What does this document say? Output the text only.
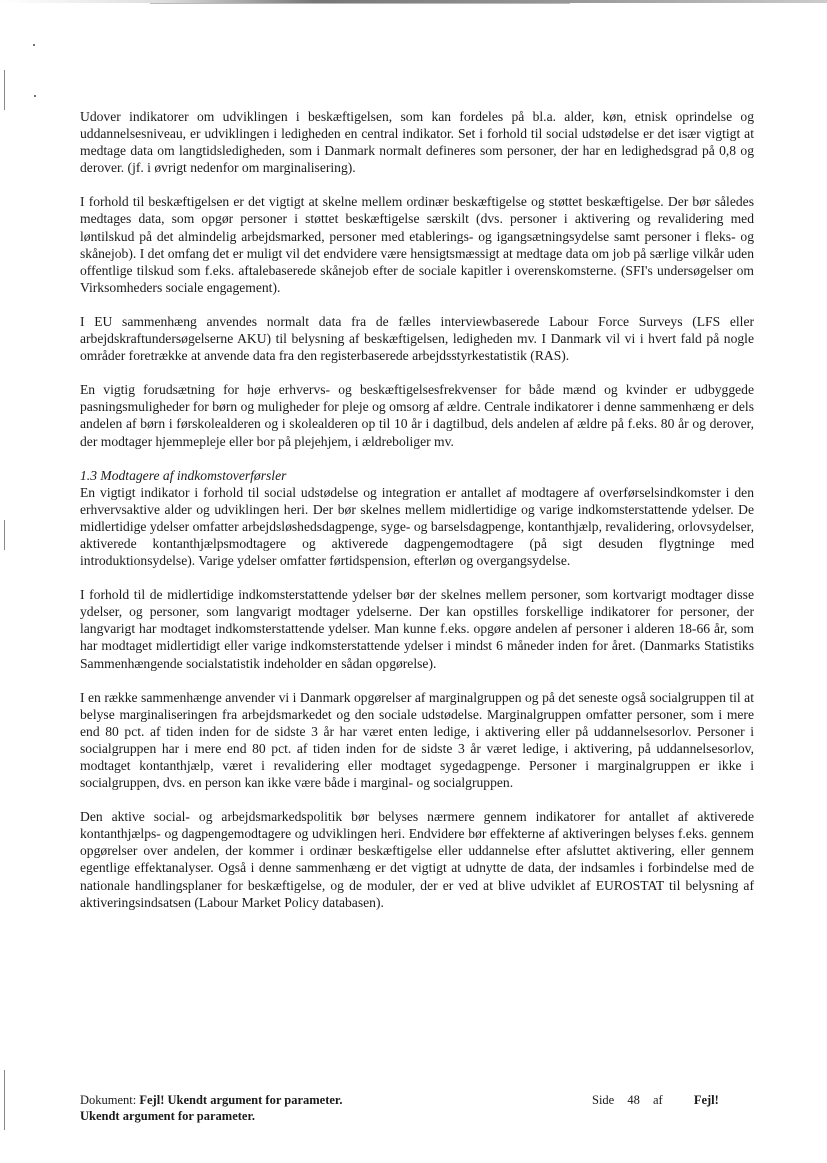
Udover indikatorer om udviklingen i beskæftigelsen, som kan fordeles på bl.a. alder, køn, etnisk oprindelse og uddannelsesniveau, er udviklingen i ledigheden en central indikator. Set i forhold til social udstødelse er det især vigtigt at medtage data om langtidsledigheden, som i Danmark normalt defineres som personer, der har en ledighedsgrad på 0,8 og derover. (jf. i øvrigt nedenfor om marginalisering).

I forhold til beskæftigelsen er det vigtigt at skelne mellem ordinær beskæftigelse og støttet beskæftigelse. Der bør således medtages data, som opgør personer i støttet beskæftigelse særskilt (dvs. personer i aktivering og revalidering med løntilskud på det almindelig arbejdsmarked, personer med etablerings- og igangsætningsydelse samt personer i fleks- og skånejob). I det omfang det er muligt vil det endvidere være hensigtsmæssigt at medtage data om job på særlige vilkår uden offentlige tilskud som f.eks. aftalebaserede skånejob efter de sociale kapitler i overenskomsterne. (SFI's undersøgelser om Virksomheders sociale engagement).

I EU sammenhæng anvendes normalt data fra de fælles interviewbaserede Labour Force Surveys (LFS eller arbejdskraftundersøgelserne AKU) til belysning af beskæftigelsen, ledigheden mv. I Danmark vil vi i hvert fald på nogle områder foretrække at anvende data fra den registerbaserede arbejdsstyrkestatistik (RAS).

En vigtig forudsætning for høje erhvervs- og beskæftigelsesfrekvenser for både mænd og kvinder er udbyggede pasningsmuligheder for børn og muligheder for pleje og omsorg af ældre. Centrale indikatorer i denne sammenhæng er dels andelen af børn i førskolealderen og i skolealderen op til 10 år i dagtilbud, dels andelen af ældre på f.eks. 80 år og derover, der modtager hjemmepleje eller bor på plejehjem, i ældreboliger mv.

1.3 Modtagere af indkomstoverførsler

En vigtigt indikator i forhold til social udstødelse og integration er antallet af modtagere af overførselsindkomster i den erhvervsaktive alder og udviklingen heri. Der bør skelnes mellem midlertidige og varige indkomsterstattende ydelser. De midlertidige ydelser omfatter arbejdsløshedsdagpenge, syge- og barselsdagpenge, kontanthjælp, revalidering, orlovsydelser, aktiverede kontanthjælpsmodtagere og aktiverede dagpengemodtagere (på sigt desuden flygtninge med introduktionsydelse). Varige ydelser omfatter førtidspension, efterløn og overgangsydelse.

I forhold til de midlertidige indkomsterstattende ydelser bør der skelnes mellem personer, som kortvarigt modtager disse ydelser, og personer, som langvarigt modtager ydelserne. Der kan opstilles forskellige indikatorer for personer, der langvarigt har modtaget indkomsterstattende ydelser. Man kunne f.eks. opgøre andelen af personer i alderen 18-66 år, som har modtaget midlertidigt eller varige indkomsterstattende ydelser i mindst 6 måneder inden for året. (Danmarks Statistiks Sammenhængende socialstatistik indeholder en sådan opgørelse).

I en række sammenhænge anvender vi i Danmark opgørelser af marginalgruppen og på det seneste også socialgruppen til at belyse marginaliseringen fra arbejdsmarkedet og den sociale udstødelse. Marginalgruppen omfatter personer, som i mere end 80 pct. af tiden inden for de sidste 3 år har været enten ledige, i aktivering eller på uddannelsesorlov. Personer i socialgruppen har i mere end 80 pct. af tiden inden for de sidste 3 år været ledige, i aktivering, på uddannelsesorlov, modtaget kontanthjælp, været i revalidering eller modtaget sygedagpenge. Personer i marginalgruppen er ikke i socialgruppen, dvs. en person kan ikke være både i marginal- og socialgruppen.

Den aktive social- og arbejdsmarkedspolitik bør belyses nærmere gennem indikatorer for antallet af aktiverede kontanthjælps- og dagpengemodtagere og udviklingen heri. Endvidere bør effekterne af aktiveringen belyses f.eks. gennem opgørelser over andelen, der kommer i ordinær beskæftigelse eller uddannelse efter afsluttet aktivering, eller gennem egentlige effektanalyser. Også i denne sammenhæng er det vigtigt at udnytte de data, der indsamles i forbindelse med de nationale handlingsplaner for beskæftigelse, og de moduler, der er ved at blive udviklet af EUROSTAT til belysning af aktiveringsindsatsen (Labour Market Policy databasen).

Dokument: Fejl! Ukendt argument for parameter.
Ukendt argument for parameter.
Side 48 af Fejl!
